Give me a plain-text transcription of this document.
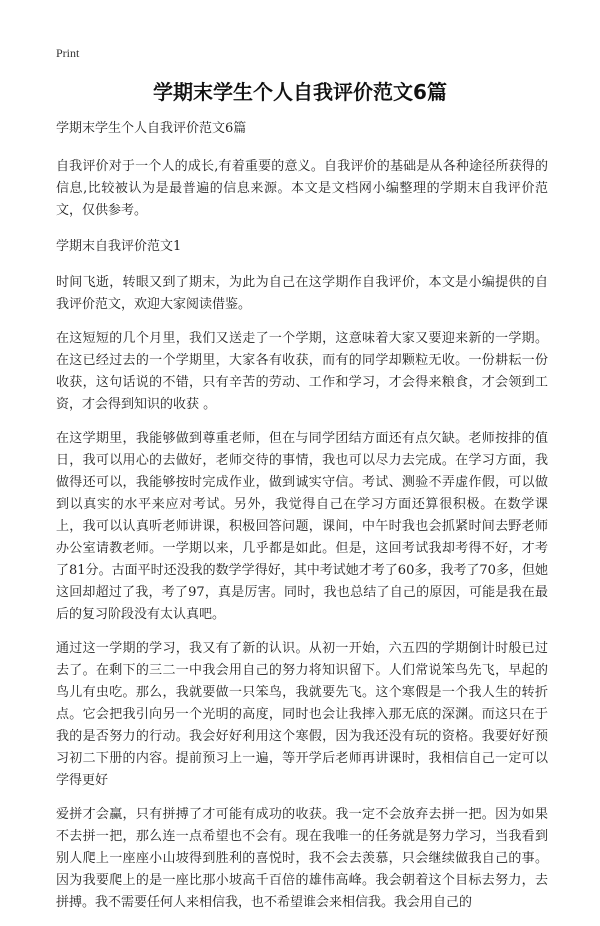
Print
学期末学生个人自我评价范文6篇

学期末学生个人自我评价范文6篇

自我评价对于一个人的成长,有着重要的意义。自我评价的基础是从各种途径所获得的信息,比较被认为是最普遍的信息来源。本文是文档网小编整理的学期末自我评价范文，仅供参考。

学期末自我评价范文1

时间飞逝，转眼又到了期末，为此为自己在这学期作自我评价，本文是小编提供的自我评价范文，欢迎大家阅读借鉴。

在这短短的几个月里，我们又送走了一个学期，这意味着大家又要迎来新的一学期。在这已经过去的一个学期里，大家各有收获，而有的同学却颗粒无收。一份耕耘一份收获，这句话说的不错，只有辛苦的劳动、工作和学习，才会得来粮食，才会领到工资，才会得到知识的收获 。

在这学期里，我能够做到尊重老师，但在与同学团结方面还有点欠缺。老师按排的值日，我可以用心的去做好，老师交待的事情，我也可以尽力去完成。在学习方面，我做得还可以，我能够按时完成作业，做到诚实守信。考试、测验不弄虚作假，可以做到以真实的水平来应对考试。另外，我觉得自己在学习方面还算很积极。在数学课上，我可以认真听老师讲课，积极回答问题，课间，中午时我也会抓紧时间去野老师办公室请教老师。一学期以来，几乎都是如此。但是，这回考试我却考得不好，才考了81分。古面平时还没我的数学学得好，其中考试她才考了60多，我考了70多，但她这回却超过了我，考了97，真是厉害。同时，我也总结了自己的原因，可能是我在最后的复习阶段没有太认真吧。

通过这一学期的学习，我又有了新的认识。从初一开始，六五四的学期倒计时般已过去了。在剩下的三二一中我会用自己的努力将知识留下。人们常说笨鸟先飞，早起的鸟儿有虫吃。那么，我就要做一只笨鸟，我就要先飞。这个寒假是一个我人生的转折点。它会把我引向另一个光明的高度，同时也会让我摔入那无底的深渊。而这只在于我的是否努力的行动。我会好好利用这个寒假，因为我还没有玩的资格。我要好好预习初二下册的内容。提前预习上一遍，等开学后老师再讲课时，我相信自己一定可以学得更好

爱拼才会赢，只有拼搏了才可能有成功的收获。我一定不会放弃去拼一把。因为如果不去拼一把，那么连一点希望也不会有。现在我唯一的任务就是努力学习，当我看到别人爬上一座座小山坡得到胜利的喜悦时，我不会去羡慕，只会继续做我自己的事。因为我要爬上的是一座比那小坡高千百倍的雄伟高峰。我会朝着这个目标去努力，去拼搏。我不需要任何人来相信我，也不希望谁会来相信我。我会用自己的
